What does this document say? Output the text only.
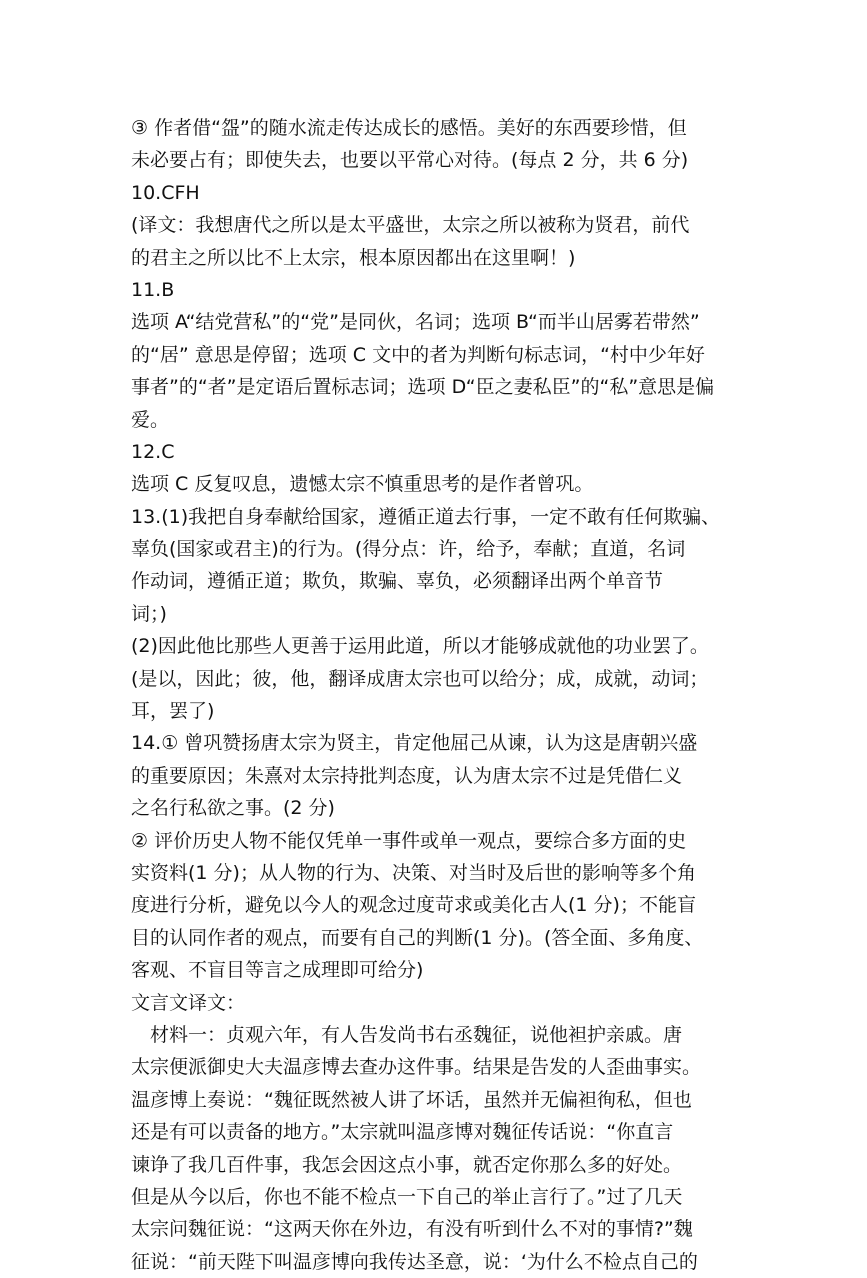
③ 作者借“盌”的随水流走传达成长的感悟。美好的东西要珍惜，但
未必要占有；即使失去，也要以平常心对待。(每点 2 分，共 6 分)
10.CFH
(译文：我想唐代之所以是太平盛世，太宗之所以被称为贤君，前代
的君主之所以比不上太宗，根本原因都出在这里啊！)
11.B
选项 A“结党营私”的“党”是同伙，名词；选项 B“而半山居雾若带然”
的“居” 意思是停留；选项 C 文中的者为判断句标志词，“村中少年好
事者”的“者”是定语后置标志词；选项 D“臣之妻私臣”的“私”意思是偏
爱。
12.C
选项 C 反复叹息，遗憾太宗不慎重思考的是作者曾巩。
13.(1)我把自身奉献给国家，遵循正道去行事，一定不敢有任何欺骗、
辜负(国家或君主)的行为。(得分点：许，给予，奉献；直道，名词
作动词，遵循正道；欺负，欺骗、辜负，必须翻译出两个单音节
词；)
(2)因此他比那些人更善于运用此道，所以才能够成就他的功业罢了。
(是以，因此；彼，他，翻译成唐太宗也可以给分；成，成就，动词；
耳，罢了)
14.① 曾巩赞扬唐太宗为贤主，肯定他屈己从谏，认为这是唐朝兴盛
的重要原因；朱熹对太宗持批判态度，认为唐太宗不过是凭借仁义
之名行私欲之事。(2 分)
② 评价历史人物不能仅凭单一事件或单一观点，要综合多方面的史
实资料(1 分)；从人物的行为、决策、对当时及后世的影响等多个角
度进行分析，避免以今人的观念过度苛求或美化古人(1 分)；不能盲
目的认同作者的观点，而要有自己的判断(1 分)。(答全面、多角度、
客观、不盲目等言之成理即可给分)
文言文译文：
材料一：贞观六年，有人告发尚书右丞魏征，说他袒护亲戚。唐
太宗便派御史大夫温彦博去查办这件事。结果是告发的人歪曲事实。
温彦博上奏说：“魏征既然被人讲了坏话，虽然并无偏袒徇私，但也
还是有可以责备的地方。”太宗就叫温彦博对魏征传话说：“你直言
谏诤了我几百件事，我怎会因这点小事，就否定你那么多的好处。
但是从今以后，你也不能不检点一下自己的举止言行了。”过了几天
太宗问魏征说：“这两天你在外边，有没有听到什么不对的事情?”魏
征说：“前天陛下叫温彦博向我传达圣意，说：‘为什么不检点自己的
